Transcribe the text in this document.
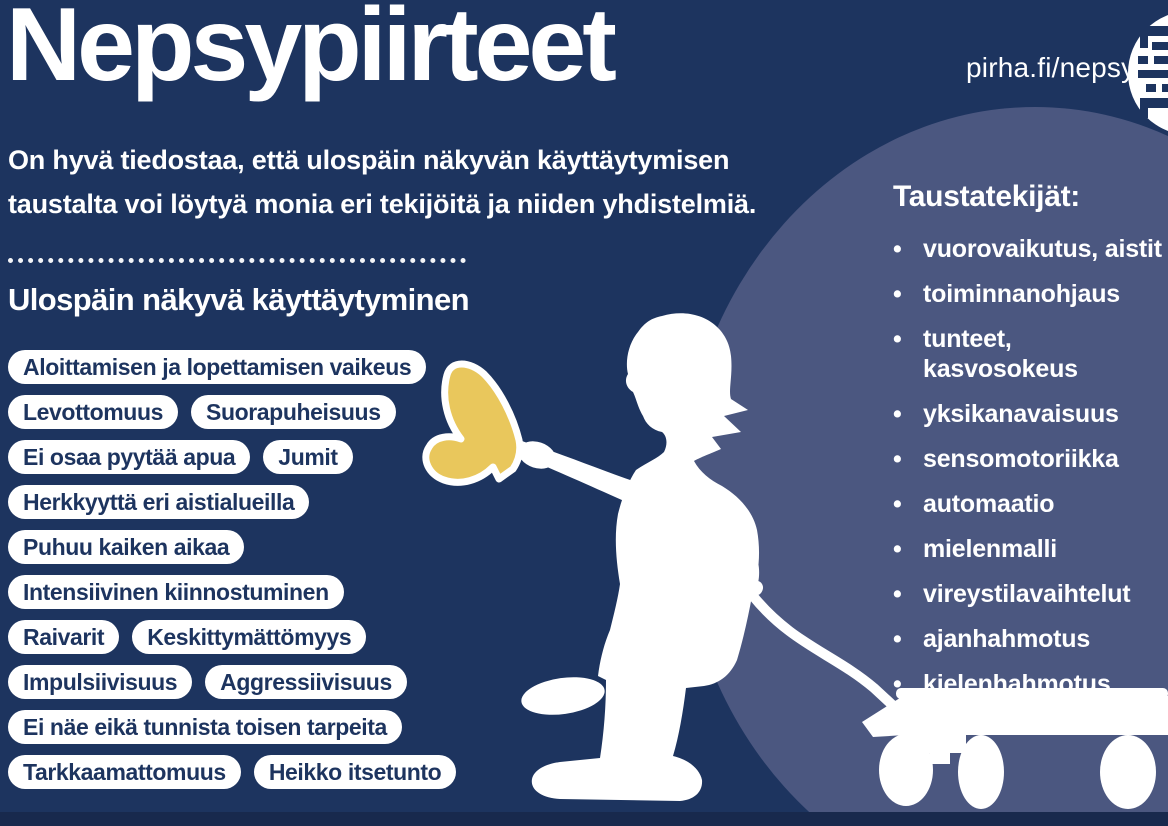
Nepsypiirteet	pirha.fi/nepsy
On hyvä tiedostaa, että ulospäin näkyvän käyttäytymisen
taustalta voi löytyä monia eri tekijöitä ja niiden yhdistelmiä.
Ulospäin näkyvä käyttäytyminen
Aloittamisen ja lopettamisen vaikeus
Levottomuus	Suorapuheisuus
Ei osaa pyytää apua	Jumit
Herkkyyttä eri aistialueilla
Puhuu kaiken aikaa
Intensiivinen kiinnostuminen
Raivarit	Keskittymättömyys
Impulsiivisuus	Aggressiivisuus
Ei näe eikä tunnista toisen tarpeita
Tarkkaamattomuus	Heikko itsetunto
Taustatekijät:
• vuorovaikutus, aistit
• toiminnanohjaus
• tunteet, kasvosokeus
• yksikanavaisuus
• sensomotoriikka
• automaatio
• mielenmalli
• vireystilavaihtelut
• ajanhahmotus
• kielenhahmotus
